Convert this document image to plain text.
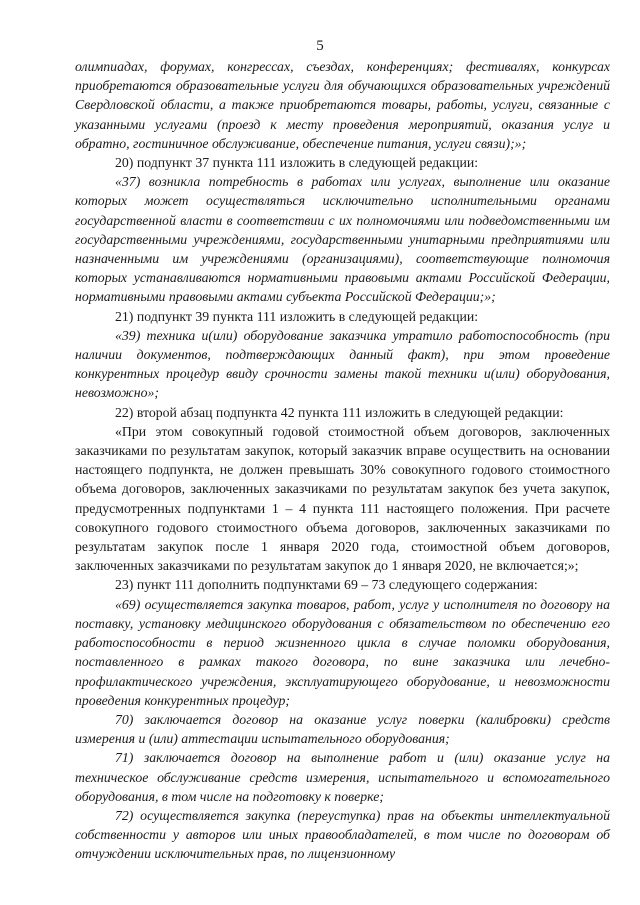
5

олимпиадах, форумах, конгрессах, съездах, конференциях; фестивалях, конкурсах приобретаются образовательные услуги для обучающихся образовательных учреждений Свердловской области, а также приобретаются товары, работы, услуги, связанные с указанными услугами (проезд к месту проведения мероприятий, оказания услуг и обратно, гостиничное обслуживание, обеспечение питания, услуги связи);»;

20) подпункт 37 пункта 111 изложить в следующей редакции:

«37) возникла потребность в работах или услугах, выполнение или оказание которых может осуществляться исключительно исполнительными органами государственной власти в соответствии с их полномочиями или подведомственными им государственными учреждениями, государственными унитарными предприятиями или назначенными им учреждениями (организациями), соответствующие полномочия которых устанавливаются нормативными правовыми актами Российской Федерации, нормативными правовыми актами субъекта Российской Федерации;»;

21) подпункт 39 пункта 111 изложить в следующей редакции:

«39) техника и(или) оборудование заказчика утратило работоспособность (при наличии документов, подтверждающих данный факт), при этом проведение конкурентных процедур ввиду срочности замены такой техники и(или) оборудования, невозможно»;

22) второй абзац подпункта 42 пункта 111 изложить в следующей редакции:

«При этом совокупный годовой стоимостной объем договоров, заключенных заказчиками по результатам закупок, который заказчик вправе осуществить на основании настоящего подпункта, не должен превышать 30% совокупного годового стоимостного объема договоров, заключенных заказчиками по результатам закупок без учета закупок, предусмотренных подпунктами 1 – 4 пункта 111 настоящего положения. При расчете совокупного годового стоимостного объема договоров, заключенных заказчиками по результатам закупок после 1 января 2020 года, стоимостной объем договоров, заключенных заказчиками по результатам закупок до 1 января 2020, не включается;»;

23) пункт 111 дополнить подпунктами 69 – 73 следующего содержания:

«69) осуществляется закупка товаров, работ, услуг у исполнителя по договору на поставку, установку медицинского оборудования с обязательством по обеспечению его работоспособности в период жизненного цикла в случае поломки оборудования, поставленного в рамках такого договора, по вине заказчика или лечебно-профилактического учреждения, эксплуатирующего оборудование, и невозможности проведения конкурентных процедур;

70) заключается договор на оказание услуг поверки (калибровки) средств измерения и (или) аттестации испытательного оборудования;

71) заключается договор на выполнение работ и (или) оказание услуг на техническое обслуживание средств измерения, испытательного и вспомогательного оборудования, в том числе на подготовку к поверке;

72) осуществляется закупка (переуступка) прав на объекты интеллектуальной собственности у авторов или иных правообладателей, в том числе по договорам об отчуждении исключительных прав, по лицензионному
